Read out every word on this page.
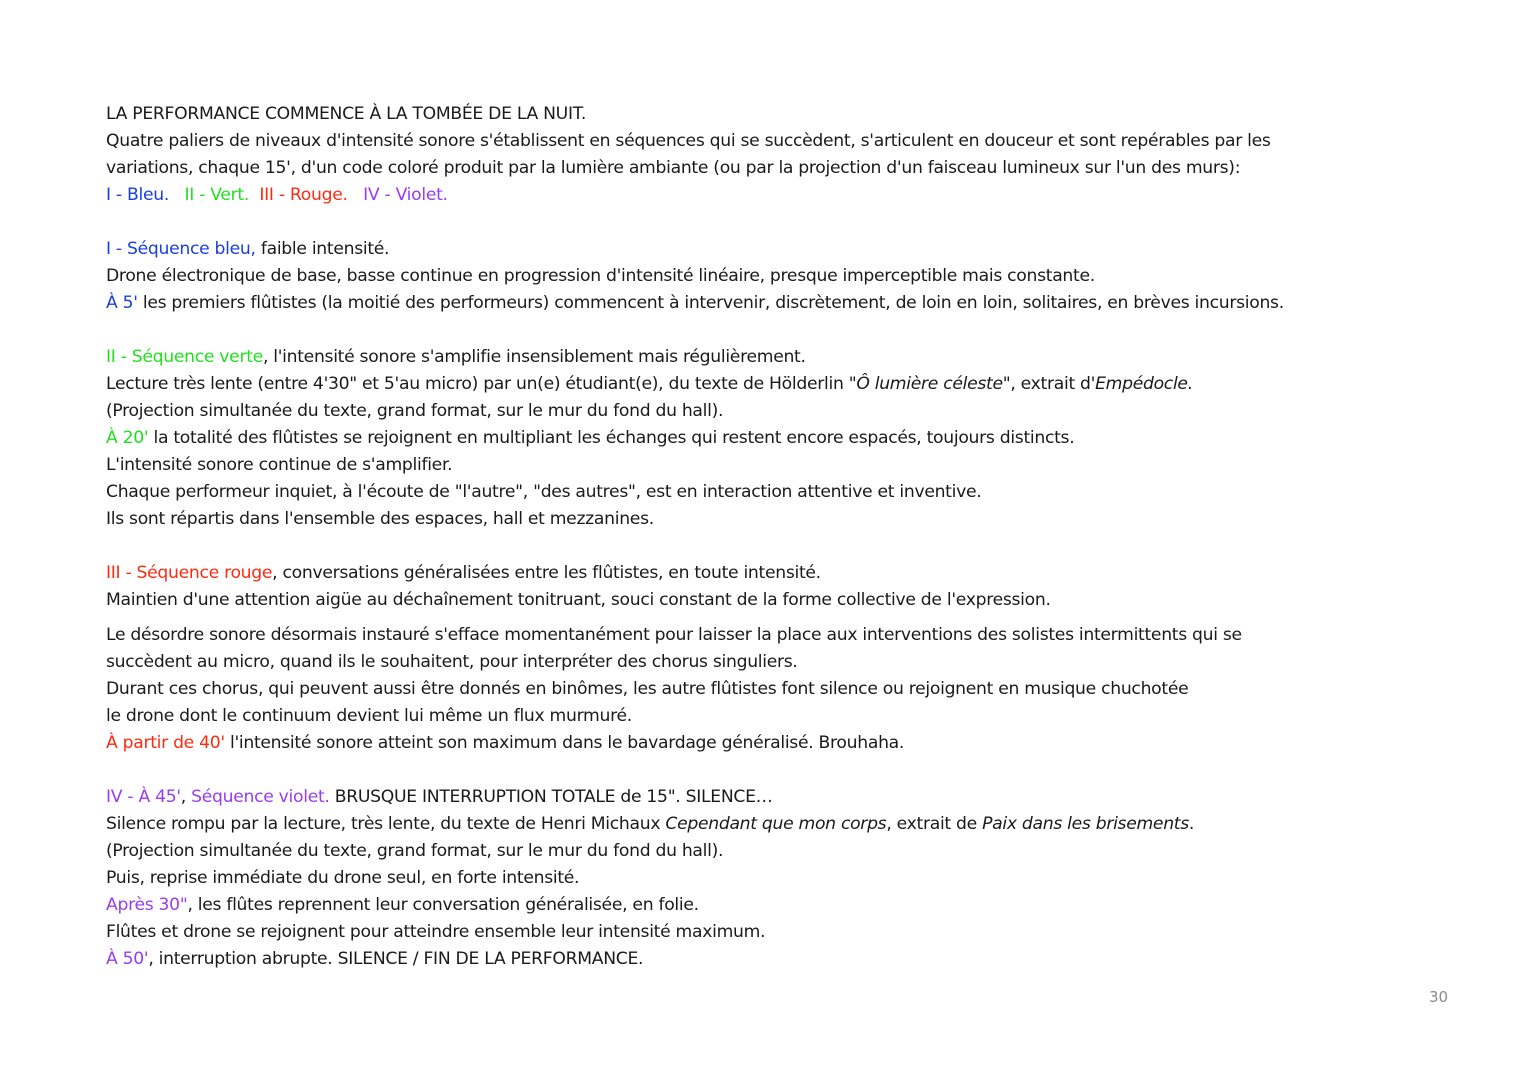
LA PERFORMANCE COMMENCE À LA TOMBÉE DE LA NUIT.
Quatre paliers de niveaux d'intensité sonore s'établissent en séquences qui se succèdent, s'articulent en douceur et sont repérables par les
variations, chaque 15', d'un code coloré produit par la lumière ambiante (ou par la projection d'un faisceau lumineux sur l'un des murs):
I - Bleu. II - Vert. III - Rouge. IV - Violet.
I - Séquence bleu, faible intensité.
Drone électronique de base, basse continue en progression d'intensité linéaire, presque imperceptible mais constante.
À 5' les premiers flûtistes (la moitié des performeurs) commencent à intervenir, discrètement, de loin en loin, solitaires, en brèves incursions.
II - Séquence verte, l'intensité sonore s'amplifie insensiblement mais régulièrement.
Lecture très lente (entre 4'30" et 5'au micro) par un(e) étudiant(e), du texte de Hölderlin "Ô lumière céleste", extrait d'Empédocle.
(Projection simultanée du texte, grand format, sur le mur du fond du hall).
À 20' la totalité des flûtistes se rejoignent en multipliant les échanges qui restent encore espacés, toujours distincts.
L'intensité sonore continue de s'amplifier.
Chaque performeur inquiet, à l'écoute de "l'autre", "des autres", est en interaction attentive et inventive.
Ils sont répartis dans l'ensemble des espaces, hall et mezzanines.
III - Séquence rouge, conversations généralisées entre les flûtistes, en toute intensité.
Maintien d'une attention aigüe au déchaînement tonitruant, souci constant de la forme collective de l'expression.
Le désordre sonore désormais instauré s'efface momentanément pour laisser la place aux interventions des solistes intermittents qui se
succèdent au micro, quand ils le souhaitent, pour interpréter des chorus singuliers.
Durant ces chorus, qui peuvent aussi être donnés en binômes, les autre flûtistes font silence ou rejoignent en musique chuchotée
le drone dont le continuum devient lui même un flux murmuré.
À partir de 40' l'intensité sonore atteint son maximum dans le bavardage généralisé. Brouhaha.
IV - À 45', Séquence violet. BRUSQUE INTERRUPTION TOTALE de 15". SILENCE…
Silence rompu par la lecture, très lente, du texte de Henri Michaux Cependant que mon corps, extrait de Paix dans les brisements.
(Projection simultanée du texte, grand format, sur le mur du fond du hall).
Puis, reprise immédiate du drone seul, en forte intensité.
Après 30", les flûtes reprennent leur conversation généralisée, en folie.
Flûtes et drone se rejoignent pour atteindre ensemble leur intensité maximum.
À 50', interruption abrupte. SILENCE / FIN DE LA PERFORMANCE.
30
